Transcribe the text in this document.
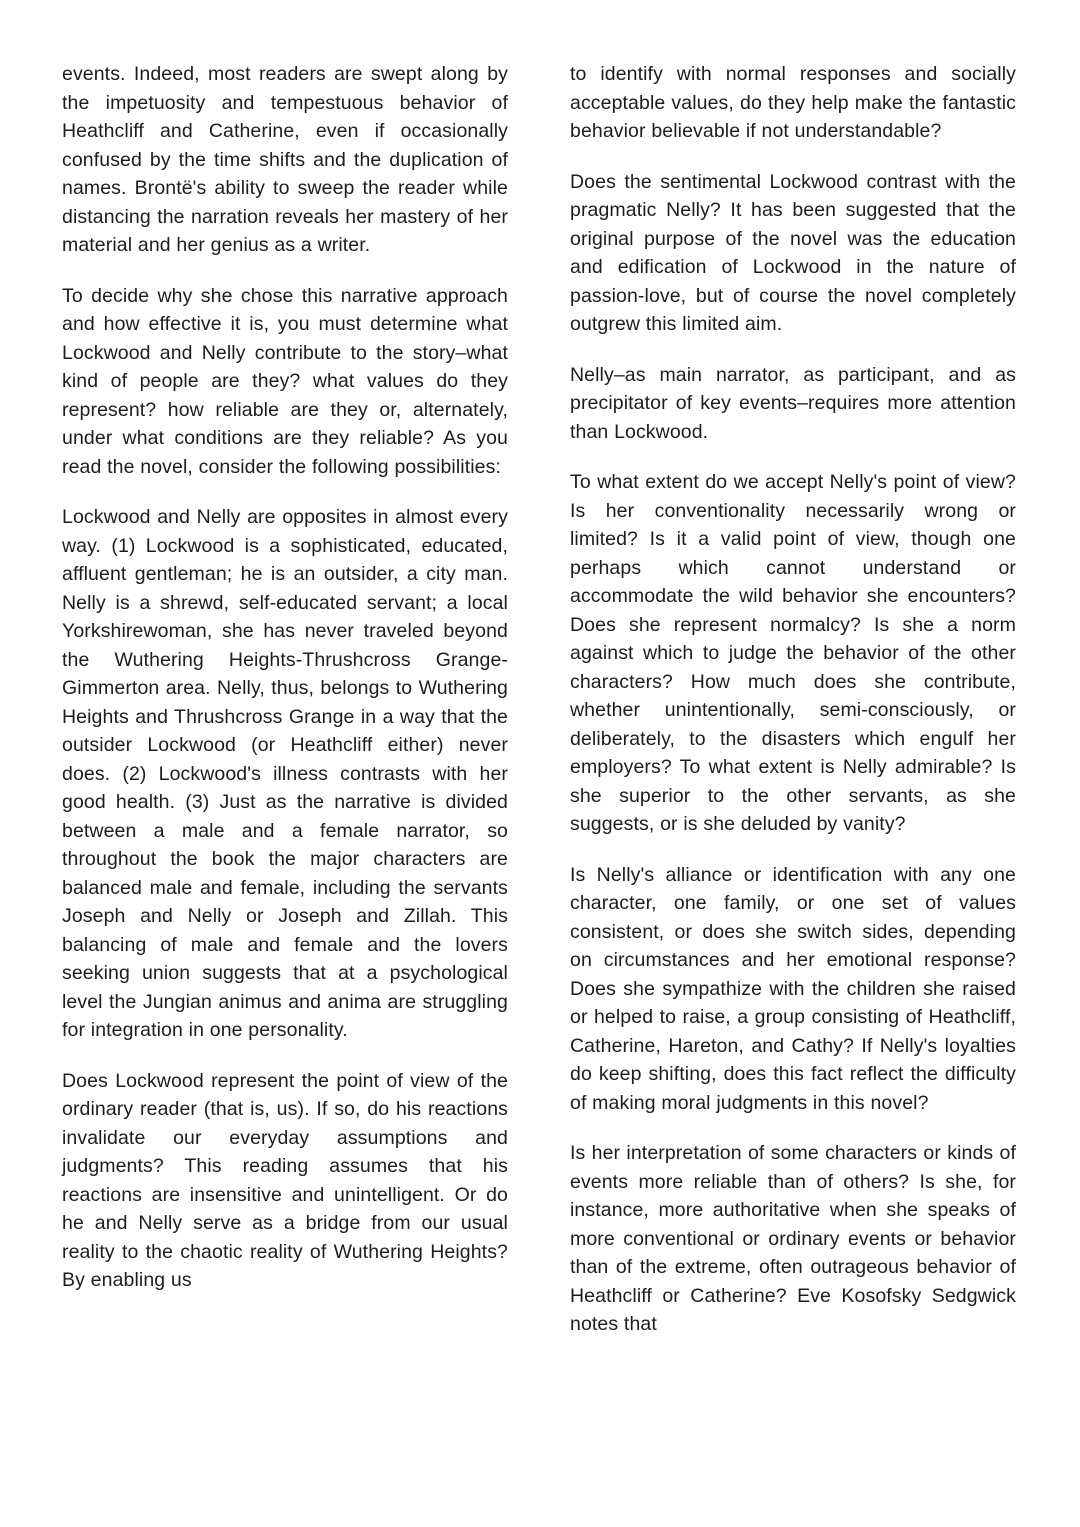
events. Indeed, most readers are swept along by the impetuosity and tempestuous behavior of Heathcliff and Catherine, even if occasionally confused by the time shifts and the duplication of names. Brontë's ability to sweep the reader while distancing the narration reveals her mastery of her material and her genius as a writer.

To decide why she chose this narrative approach and how effective it is, you must determine what Lockwood and Nelly contribute to the story–what kind of people are they? what values do they represent? how reliable are they or, alternately, under what conditions are they reliable? As you read the novel, consider the following possibilities:

Lockwood and Nelly are opposites in almost every way. (1) Lockwood is a sophisticated, educated, affluent gentleman; he is an outsider, a city man. Nelly is a shrewd, self-educated servant; a local Yorkshirewoman, she has never traveled beyond the Wuthering Heights-Thrushcross Grange-Gimmerton area. Nelly, thus, belongs to Wuthering Heights and Thrushcross Grange in a way that the outsider Lockwood (or Heathcliff either) never does. (2) Lockwood's illness contrasts with her good health. (3) Just as the narrative is divided between a male and a female narrator, so throughout the book the major characters are balanced male and female, including the servants Joseph and Nelly or Joseph and Zillah. This balancing of male and female and the lovers seeking union suggests that at a psychological level the Jungian animus and anima are struggling for integration in one personality.

Does Lockwood represent the point of view of the ordinary reader (that is, us). If so, do his reactions invalidate our everyday assumptions and judgments? This reading assumes that his reactions are insensitive and unintelligent. Or do he and Nelly serve as a bridge from our usual reality to the chaotic reality of Wuthering Heights? By enabling us

to identify with normal responses and socially acceptable values, do they help make the fantastic behavior believable if not understandable?

Does the sentimental Lockwood contrast with the pragmatic Nelly? It has been suggested that the original purpose of the novel was the education and edification of Lockwood in the nature of passion-love, but of course the novel completely outgrew this limited aim.

Nelly–as main narrator, as participant, and as precipitator of key events–requires more attention than Lockwood.

To what extent do we accept Nelly's point of view? Is her conventionality necessarily wrong or limited? Is it a valid point of view, though one perhaps which cannot understand or accommodate the wild behavior she encounters? Does she represent normalcy? Is she a norm against which to judge the behavior of the other characters? How much does she contribute, whether unintentionally, semi-consciously, or deliberately, to the disasters which engulf her employers? To what extent is Nelly admirable? Is she superior to the other servants, as she suggests, or is she deluded by vanity?

Is Nelly's alliance or identification with any one character, one family, or one set of values consistent, or does she switch sides, depending on circumstances and her emotional response? Does she sympathize with the children she raised or helped to raise, a group consisting of Heathcliff, Catherine, Hareton, and Cathy? If Nelly's loyalties do keep shifting, does this fact reflect the difficulty of making moral judgments in this novel?

Is her interpretation of some characters or kinds of events more reliable than of others? Is she, for instance, more authoritative when she speaks of more conventional or ordinary events or behavior than of the extreme, often outrageous behavior of Heathcliff or Catherine? Eve Kosofsky Sedgwick notes that
